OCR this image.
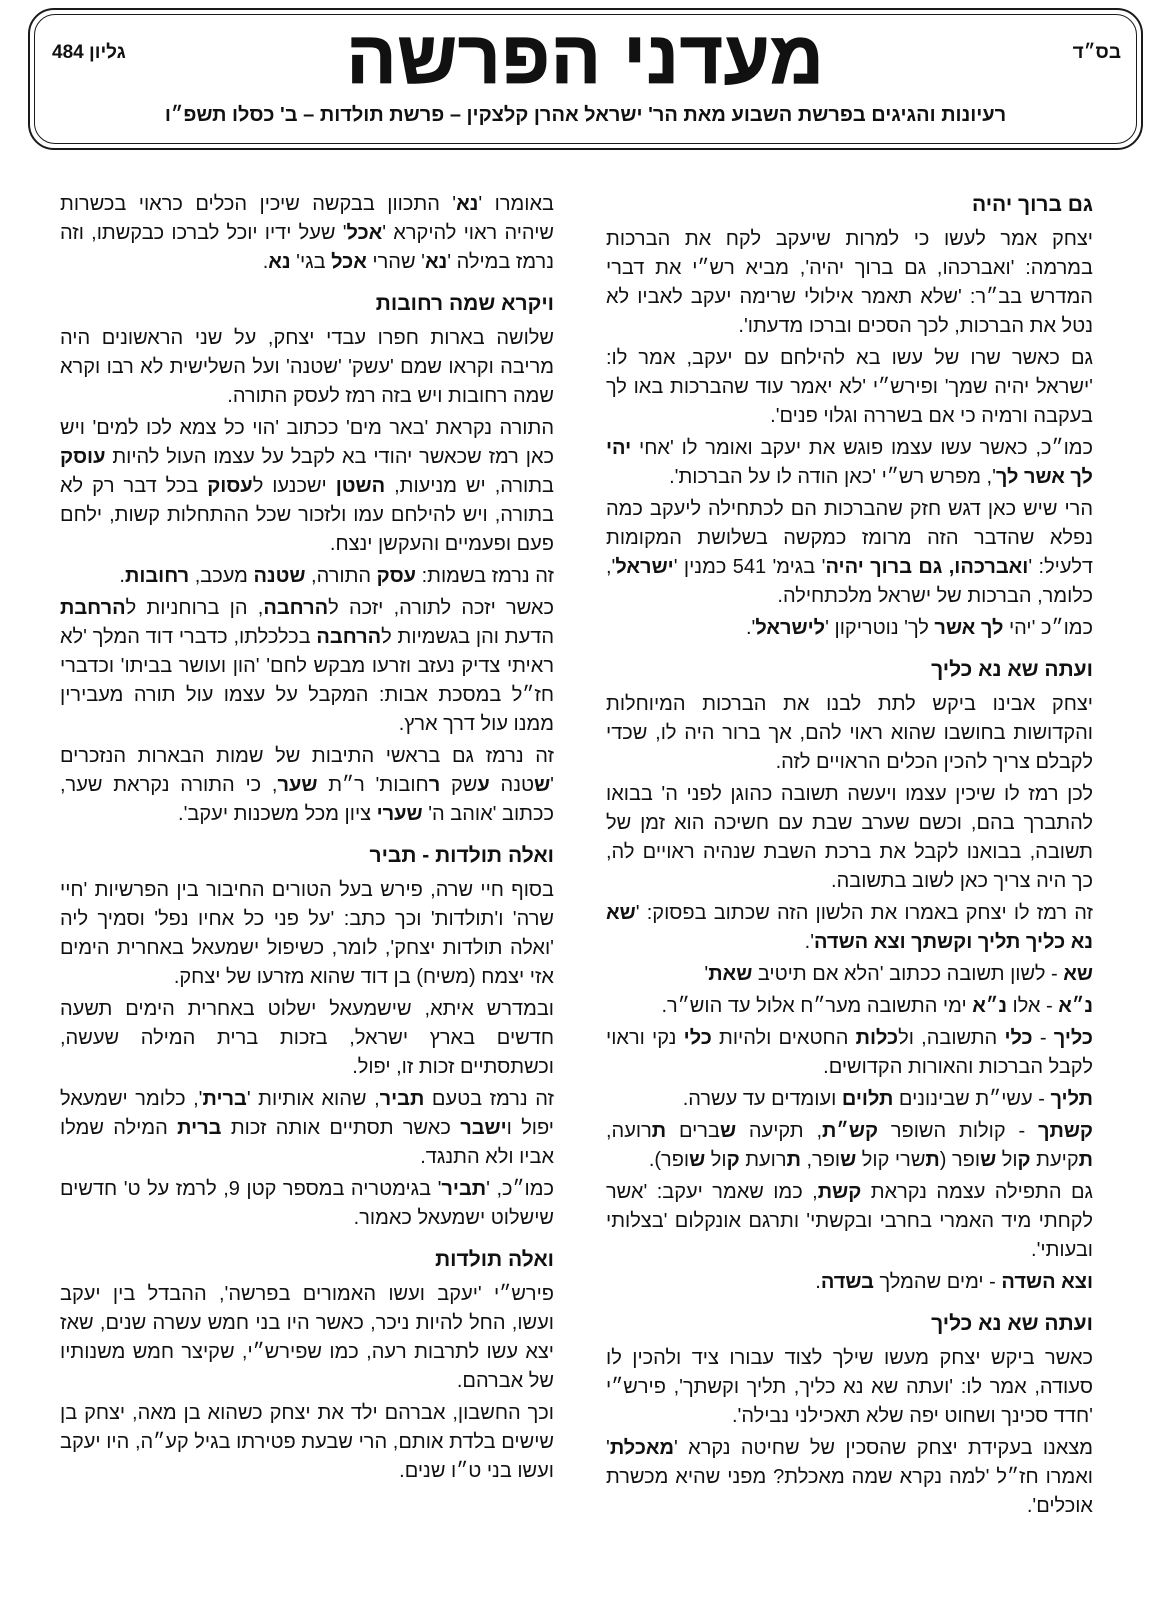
בס״ד
גליון 484	מעדני הפרשה
רעיונות והגיגים בפרשת השבוע מאת הר' ישראל אהרן קלצקין – פרשת תולדות – ב' כסלו תשפ״ו
גם ברוך יהיה

יצחק אמר לעשו כי למרות שיעקב לקח את הברכות במרמה: 'ואברכהו, גם ברוך יהיה', מביא רש״י את דברי המדרש בב״ר: 'שלא תאמר אילולי שרימה יעקב לאביו לא נטל את הברכות, לכך הסכים וברכו מדעתו'.

גם כאשר שרו של עשו בא להילחם עם יעקב, אמר לו: 'ישראל יהיה שמך' ופירש״י 'לא יאמר עוד שהברכות באו לך בעקבה ורמיה כי אם בשררה וגלוי פנים'.

כמו״כ, כאשר עשו עצמו פוגש את יעקב ואומר לו 'אחי יהי לך אשר לך', מפרש רש״י 'כאן הודה לו על הברכות'.

הרי שיש כאן דגש חזק שהברכות הם לכתחילה ליעקב כמה נפלא שהדבר הזה מרומז כמקשה בשלושת המקומות דלעיל: 'ואברכהו, גם ברוך יהיה' בגימ' 541 כמנין 'ישראל', כלומר, הברכות של ישראל מלכתחילה.

כמו״כ 'יהי לך אשר לך' נוטריקון 'לישראל'.

ועתה שא נא כליך

יצחק אבינו ביקש לתת לבנו את הברכות המיוחלות והקדושות בחושבו שהוא ראוי להם, אך ברור היה לו, שכדי לקבלם צריך להכין הכלים הראויים לזה.

לכן רמז לו שיכין עצמו ויעשה תשובה כהוגן לפני ה' בבואו להתברך בהם, וכשם שערב שבת עם חשיכה הוא זמן של תשובה, בבואנו לקבל את ברכת השבת שנהיה ראויים לה, כך היה צריך כאן לשוב בתשובה.

זה רמז לו יצחק באמרו את הלשון הזה שכתוב בפסוק: 'שא נא כליך תליך וקשתך וצא השדה'.

שא - לשון תשובה ככתוב 'הלא אם תיטיב שאת'

נ״א - אלו נ״א ימי התשובה מער״ח אלול עד הוש״ר.

כליך - כלי התשובה, ולכלות החטאים ולהיות כלי נקי וראוי לקבל הברכות והאורות הקדושים.

תליך - עשי״ת שבינונים תלוים ועומדים עד עשרה.

קשתך - קולות השופר קש״ת, תקיעה שברים תרועה, תקיעת קול שופר (תשרי קול שופר, תרועת קול שופר).

גם התפילה עצמה נקראת קשת, כמו שאמר יעקב: 'אשר לקחתי מיד האמרי בחרבי ובקשתי' ותרגם אונקלום 'בצלותי ובעותי'.

וצא השדה - ימים שהמלך בשדה.

ועתה שא נא כליך

כאשר ביקש יצחק מעשו שילך לצוד עבורו ציד ולהכין לו סעודה, אמר לו: 'ועתה שא נא כליך, תליך וקשתך', פירש״י 'חדד סכינך ושחוט יפה שלא תאכילני נבילה'.

מצאנו בעקידת יצחק שהסכין של שחיטה נקרא 'מאכלת' ואמרו חז״ל 'למה נקרא שמה מאכלת? מפני שהיא מכשרת אוכלים'.

באומרו 'נא' התכוון בבקשה שיכין הכלים כראוי בכשרות שיהיה ראוי להיקרא 'אכל' שעל ידיו יוכל לברכו כבקשתו, וזה נרמז במילה 'נא' שהרי אכל בגי' נא.

ויקרא שמה רחובות

שלושה בארות חפרו עבדי יצחק, על שני הראשונים היה מריבה וקראו שמם 'עשק' 'שטנה' ועל השלישית לא רבו וקרא שמה רחובות ויש בזה רמז לעסק התורה.

התורה נקראת 'באר מים' ככתוב 'הוי כל צמא לכו למים' ויש כאן רמז שכאשר יהודי בא לקבל על עצמו העול להיות עוסק בתורה, יש מניעות, השטן ישכנעו לעסוק בכל דבר רק לא בתורה, ויש להילחם עמו ולזכור שכל ההתחלות קשות, ילחם פעם ופעמיים והעקשן ינצח.

זה נרמז בשמות: עסק התורה, שטנה מעכב, רחובות.

כאשר יזכה לתורה, יזכה להרחבה, הן ברוחניות להרחבת הדעת והן בגשמיות להרחבה בכלכלתו, כדברי דוד המלך 'לא ראיתי צדיק נעזב וזרעו מבקש לחם' 'הון ועושר בביתו' וכדברי חז״ל במסכת אבות: המקבל על עצמו עול תורה מעבירין ממנו עול דרך ארץ.

זה נרמז גם בראשי התיבות של שמות הבארות הנזכרים 'שטנה עשק רחובות' ר״ת שער, כי התורה נקראת שער, ככתוב 'אוהב ה' שערי ציון מכל משכנות יעקב'.

ואלה תולדות - תביר

בסוף חיי שרה, פירש בעל הטורים החיבור בין הפרשיות 'חיי שרה' ו'תולדות' וכך כתב: 'על פני כל אחיו נפל' וסמיך ליה 'ואלה תולדות יצחק', לומר, כשיפול ישמעאל באחרית הימים אזי יצמח (משיח) בן דוד שהוא מזרעו של יצחק.

ובמדרש איתא, שישמעאל ישלוט באחרית הימים תשעה חדשים בארץ ישראל, בזכות ברית המילה שעשה, וכשתסתיים זכות זו, יפול.

זה נרמז בטעם תביר, שהוא אותיות 'ברית', כלומר ישמעאל יפול וישבר כאשר תסתיים אותה זכות ברית המילה שמלו אביו ולא התנגד.

כמו״כ, 'תביר' בגימטריה במספר קטן 9, לרמז על ט' חדשים שישלוט ישמעאל כאמור.

ואלה תולדות

פירש״י 'יעקב ועשו האמורים בפרשה', ההבדל בין יעקב ועשו, החל להיות ניכר, כאשר היו בני חמש עשרה שנים, שאז יצא עשו לתרבות רעה, כמו שפירש״י, שקיצר חמש משנותיו של אברהם.

וכך החשבון, אברהם ילד את יצחק כשהוא בן מאה, יצחק בן שישים בלדת אותם, הרי שבעת פטירתו בגיל קע״ה, היו יעקב ועשו בני ט״ו שנים.
